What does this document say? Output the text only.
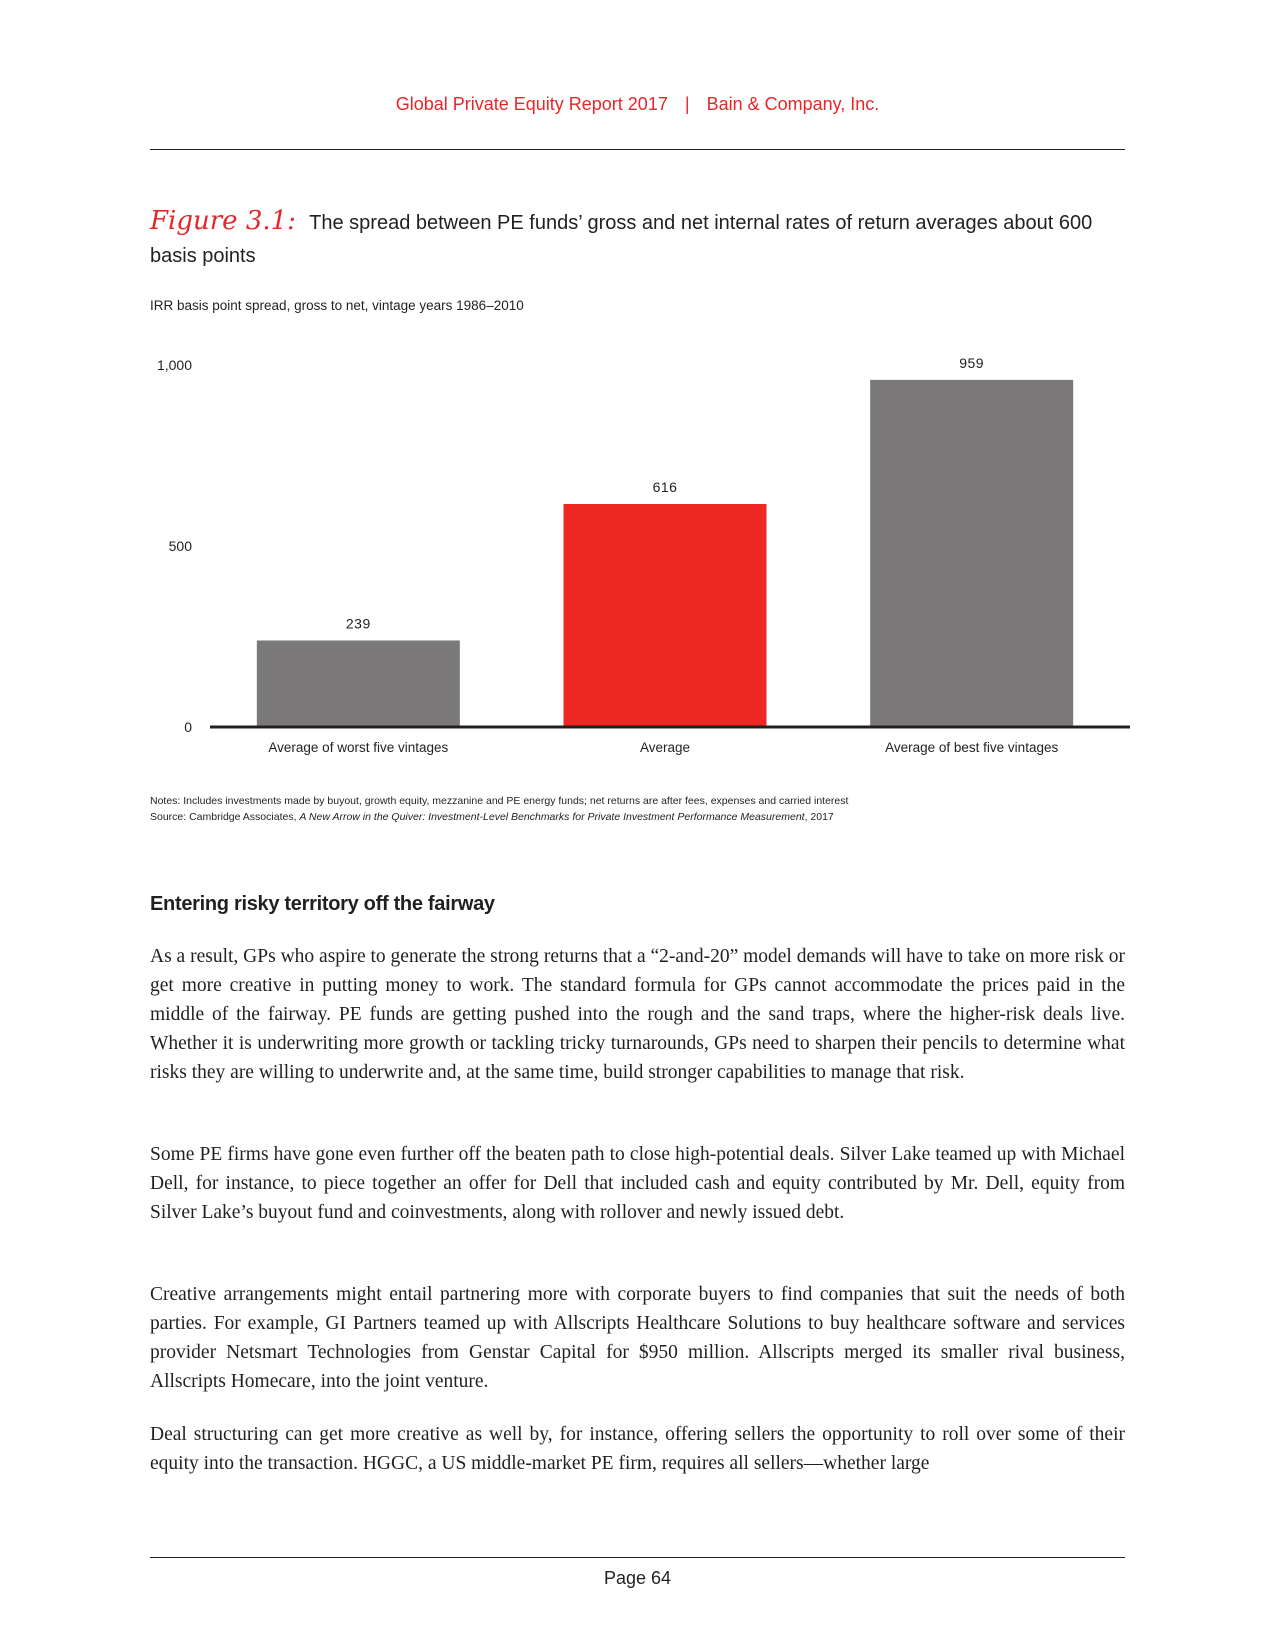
Global Private Equity Report 2017 | Bain & Company, Inc.
Figure 3.1: The spread between PE funds’ gross and net internal rates of return averages about 600 basis points
IRR basis point spread, gross to net, vintage years 1986–2010
0
500
1,000
239
Average of worst five vintages
616
Average
959
Average of best five vintages
Notes: Includes investments made by buyout, growth equity, mezzanine and PE energy funds; net returns are after fees, expenses and carried interest
Source: Cambridge Associates, A New Arrow in the Quiver: Investment-Level Benchmarks for Private Investment Performance Measurement, 2017
Entering risky territory off the fairway

As a result, GPs who aspire to generate the strong returns that a “2-and-20” model demands will have to take on more risk or get more creative in putting money to work. The standard formula for GPs cannot accommodate the prices paid in the middle of the fairway. PE funds are getting pushed into the rough and the sand traps, where the higher-risk deals live. Whether it is underwriting more growth or tackling tricky turnarounds, GPs need to sharpen their pencils to determine what risks they are willing to underwrite and, at the same time, build stronger capabilities to manage that risk.

Some PE firms have gone even further off the beaten path to close high-potential deals. Silver Lake teamed up with Michael Dell, for instance, to piece together an offer for Dell that included cash and equity contributed by Mr. Dell, equity from Silver Lake’s buyout fund and coinvestments, along with rollover and newly issued debt.

Creative arrangements might entail partnering more with corporate buyers to find companies that suit the needs of both parties. For example, GI Partners teamed up with Allscripts Healthcare Solutions to buy healthcare software and services provider Netsmart Technologies from Genstar Capital for $950 million. Allscripts merged its smaller rival business, Allscripts Homecare, into the joint venture.

Deal structuring can get more creative as well by, for instance, offering sellers the opportunity to roll over some of their equity into the transaction. HGGC, a US middle-market PE firm, requires all sellers—whether large

Page 64
